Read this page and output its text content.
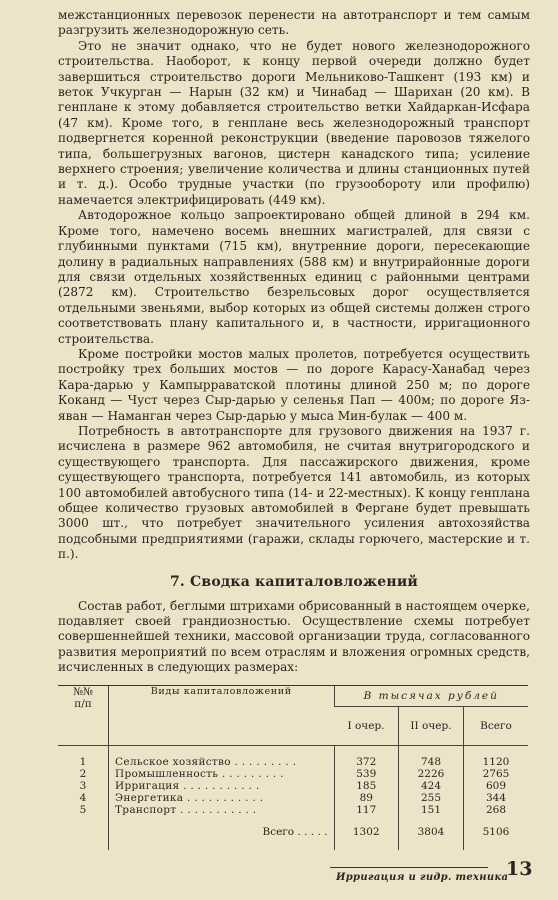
межстанционных перевозок перенести на автотранспорт и тем самым разгрузить железнодорожную сеть.

Это не значит однако, что не будет нового железнодорожного строительства. Наоборот, к концу первой очереди должно будет завершиться строительство дороги Мельниково-Ташкент (193 км) и веток Учкурган — Нарын (32 км) и Чинабад — Шарихан (20 км). В генплане к этому добавляется строительство ветки Хайдаркан-Исфара (47 км). Кроме того, в генплане весь железнодорожный транспорт подвергнется коренной реконструкции (введение паровозов тяжелого типа, большегрузных вагонов, цистерн канадского типа; усиление верхнего строения; увеличение количества и длины станционных путей и т. д.). Особо трудные участки (по грузообороту или профилю) намечается электрифицировать (449 км).

Автодорожное кольцо запроектировано общей длиной в 294 км. Кроме того, намечено восемь внешних магистралей, для связи с глубинными пунктами (715 км), внутренние дороги, пересекающие долину в радиальных направлениях (588 км) и внутрирайонные дороги для связи отдельных хозяйственных единиц с районными центрами (2872 км). Строительство безрельсовых дорог осуществляется отдельными звеньями, выбор которых из общей системы должен строго соответствовать плану капитального и, в частности, ирригационного строительства.

Кроме постройки мостов малых пролетов, потребуется осуществить постройку трех больших мостов — по дороге Карасу-Ханабад через Кара-дарью у Кампырраватской плотины длиной 250 м; по дороге Коканд — Чуст через Сыр-дарью у селенья Пап — 400м; по дороге Яз-яван — Наманган через Сыр-дарью у мыса Мин-булак — 400 м.

Потребность в автотранспорте для грузового движения на 1937 г. исчислена в размере 962 автомобиля, не считая внутригородского и существующего транспорта. Для пассажирского движения, кроме существующего транспорта, потребуется 141 автомобиль, из которых 100 автомобилей автобусного типа (14- и 22-местных). К концу генплана общее количество грузовых автомобилей в Фергане будет превышать 3000 шт., что потребует значительного усиления автохозяйства подсобными предприятиями (гаражи, склады горючего, мастерские и т. п.).

7. Сводка капиталовложений

Состав работ, беглыми штрихами обрисованный в настоящем очерке, подавляет своей грандиозностью. Осуществление схемы потребует совершеннейшей техники, массовой организации труда, согласованного развития мероприятий по всем отраслям и вложения огромных средств, исчисленных в следующих размерах:

№№
п/п	Виды капиталовложений	В тысячах рублей		
		I очер.	II очер.	Всего
1	Сельское хозяйство . . . . . . . . .	372	748	1120
2	Промышленность . . . . . . . . .	539	2226	2765
3	Ирригация . . . . . . . . . . .	185	424	609
4	Энергетика . . . . . . . . . . .	89	255	344
5	Транспорт . . . . . . . . . . .	117	151	268
	Всего . . . . .	1302	3804	5106
Ирригация и гидр. техника
13
